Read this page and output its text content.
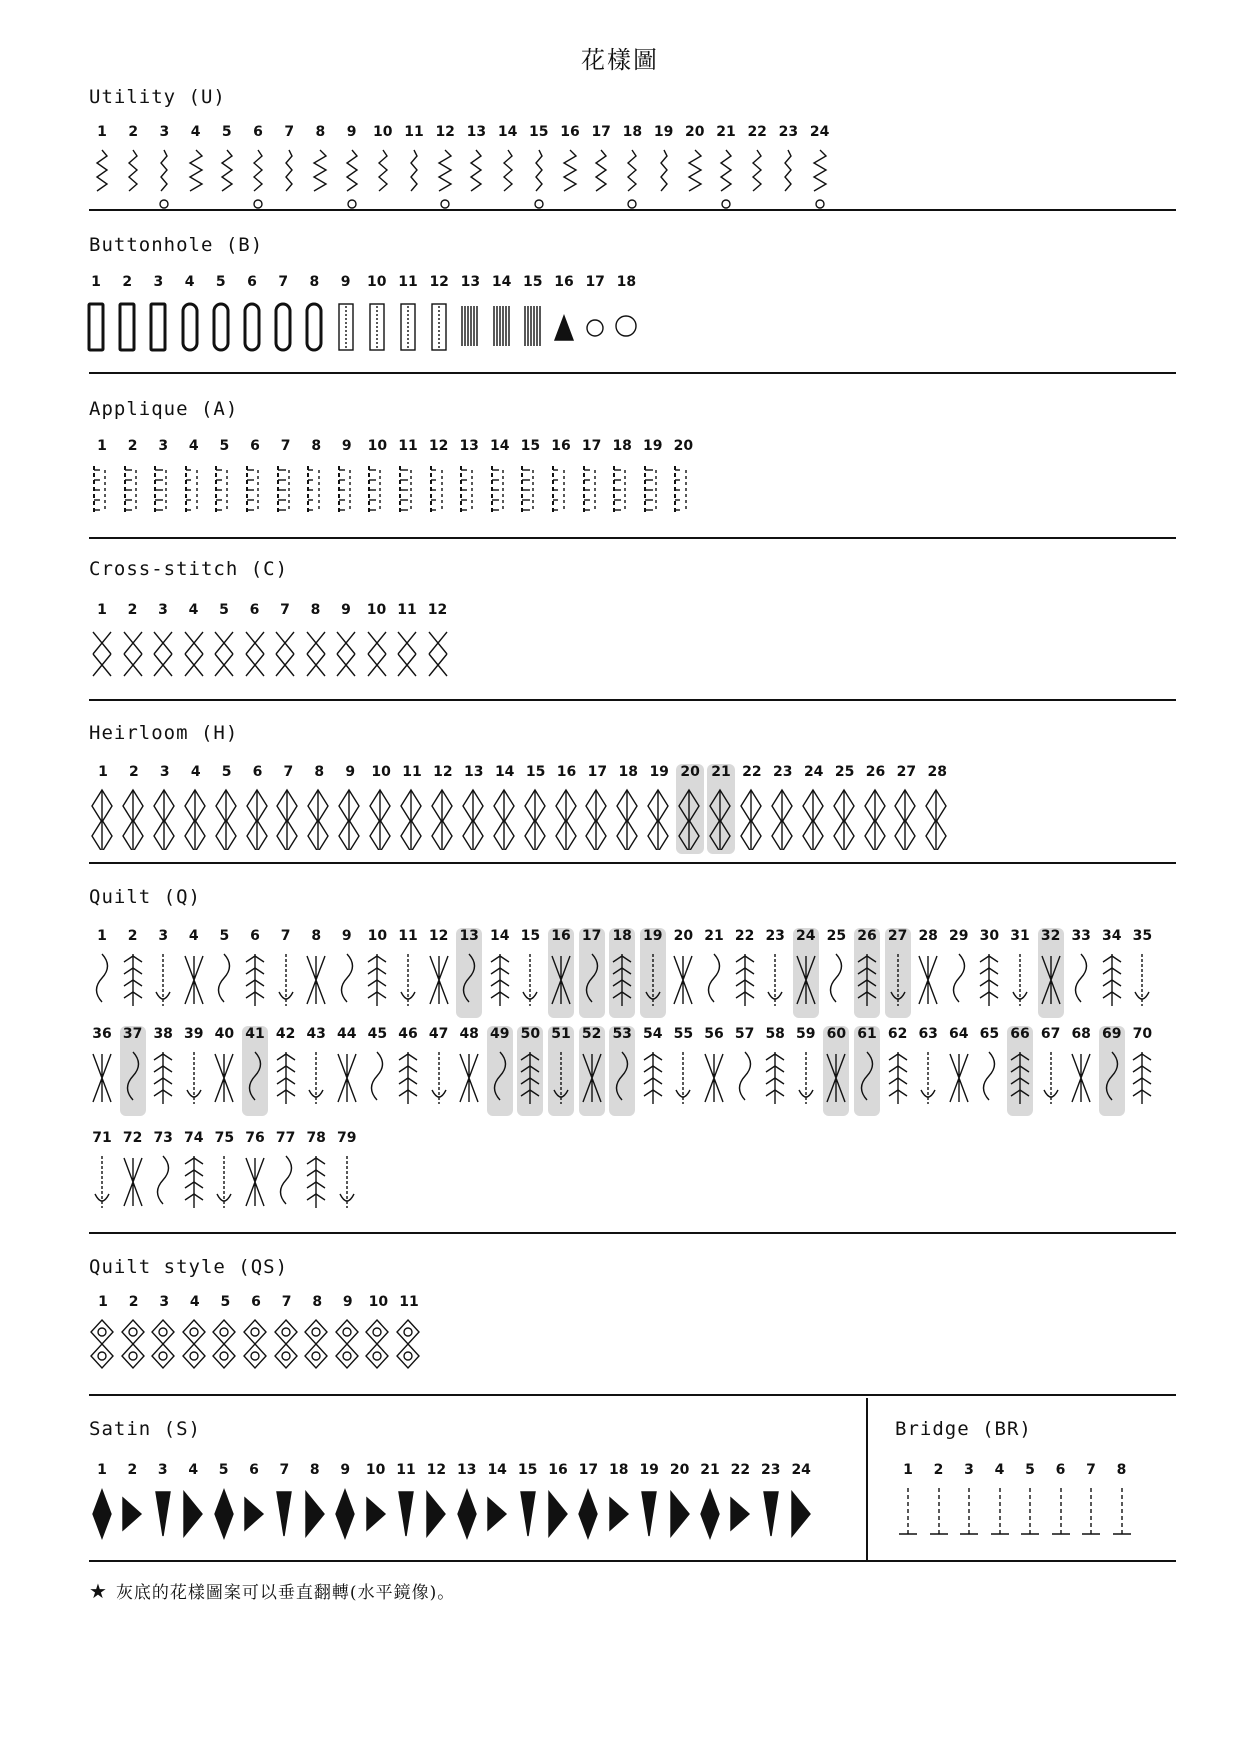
花樣圖
Utility (U)
1	2	3	4	5	6	7	8	9	10 11 12 13 14 15 16 17 18 19 20 21 22 23 24
Buttonhole (B)
1	2	3	4	5	6	7	8	9	10 11 12 13 14 15 16 17 18
Applique (A)
1	2	3	4	5	6	7	8	9	10 11 12 13 14 15 16 17 18 19 20
Cross-stitch (C)
1	2	3	4	5	6	7	8	9	10 11 12
Heirloom (H)
1	2	3	4	5	6	7	8	9	10 11 12 13 14 15 16 17 18 19 20 21 22 23 24 25 26 27 28
Quilt (Q)
1	2	3	4	5	6	7	8	9	10 11 12 13 14 15 16 17 18 19 20 21 22 23 24 25 26 27 28 29 30 31 32 33 34 35
36 37 38 39 40 41 42 43 44 45 46 47 48 49 50 51 52 53 54 55 56 57 58 59 60 61 62 63 64 65 66 67 68 69 70
71 72 73 74 75 76 77 78 79
Quilt style (QS)
1	2	3	4	5	6	7	8	9	10 11
Satin (S)
1	2	3	4	5	6	7	8	9	10 11 12 13 14 15 16 17 18 19 20 21 22 23 24
Bridge (BR)
1	2	3	4	5	6	7	8
★ 灰底的花樣圖案可以垂直翻轉(水平鏡像)。
